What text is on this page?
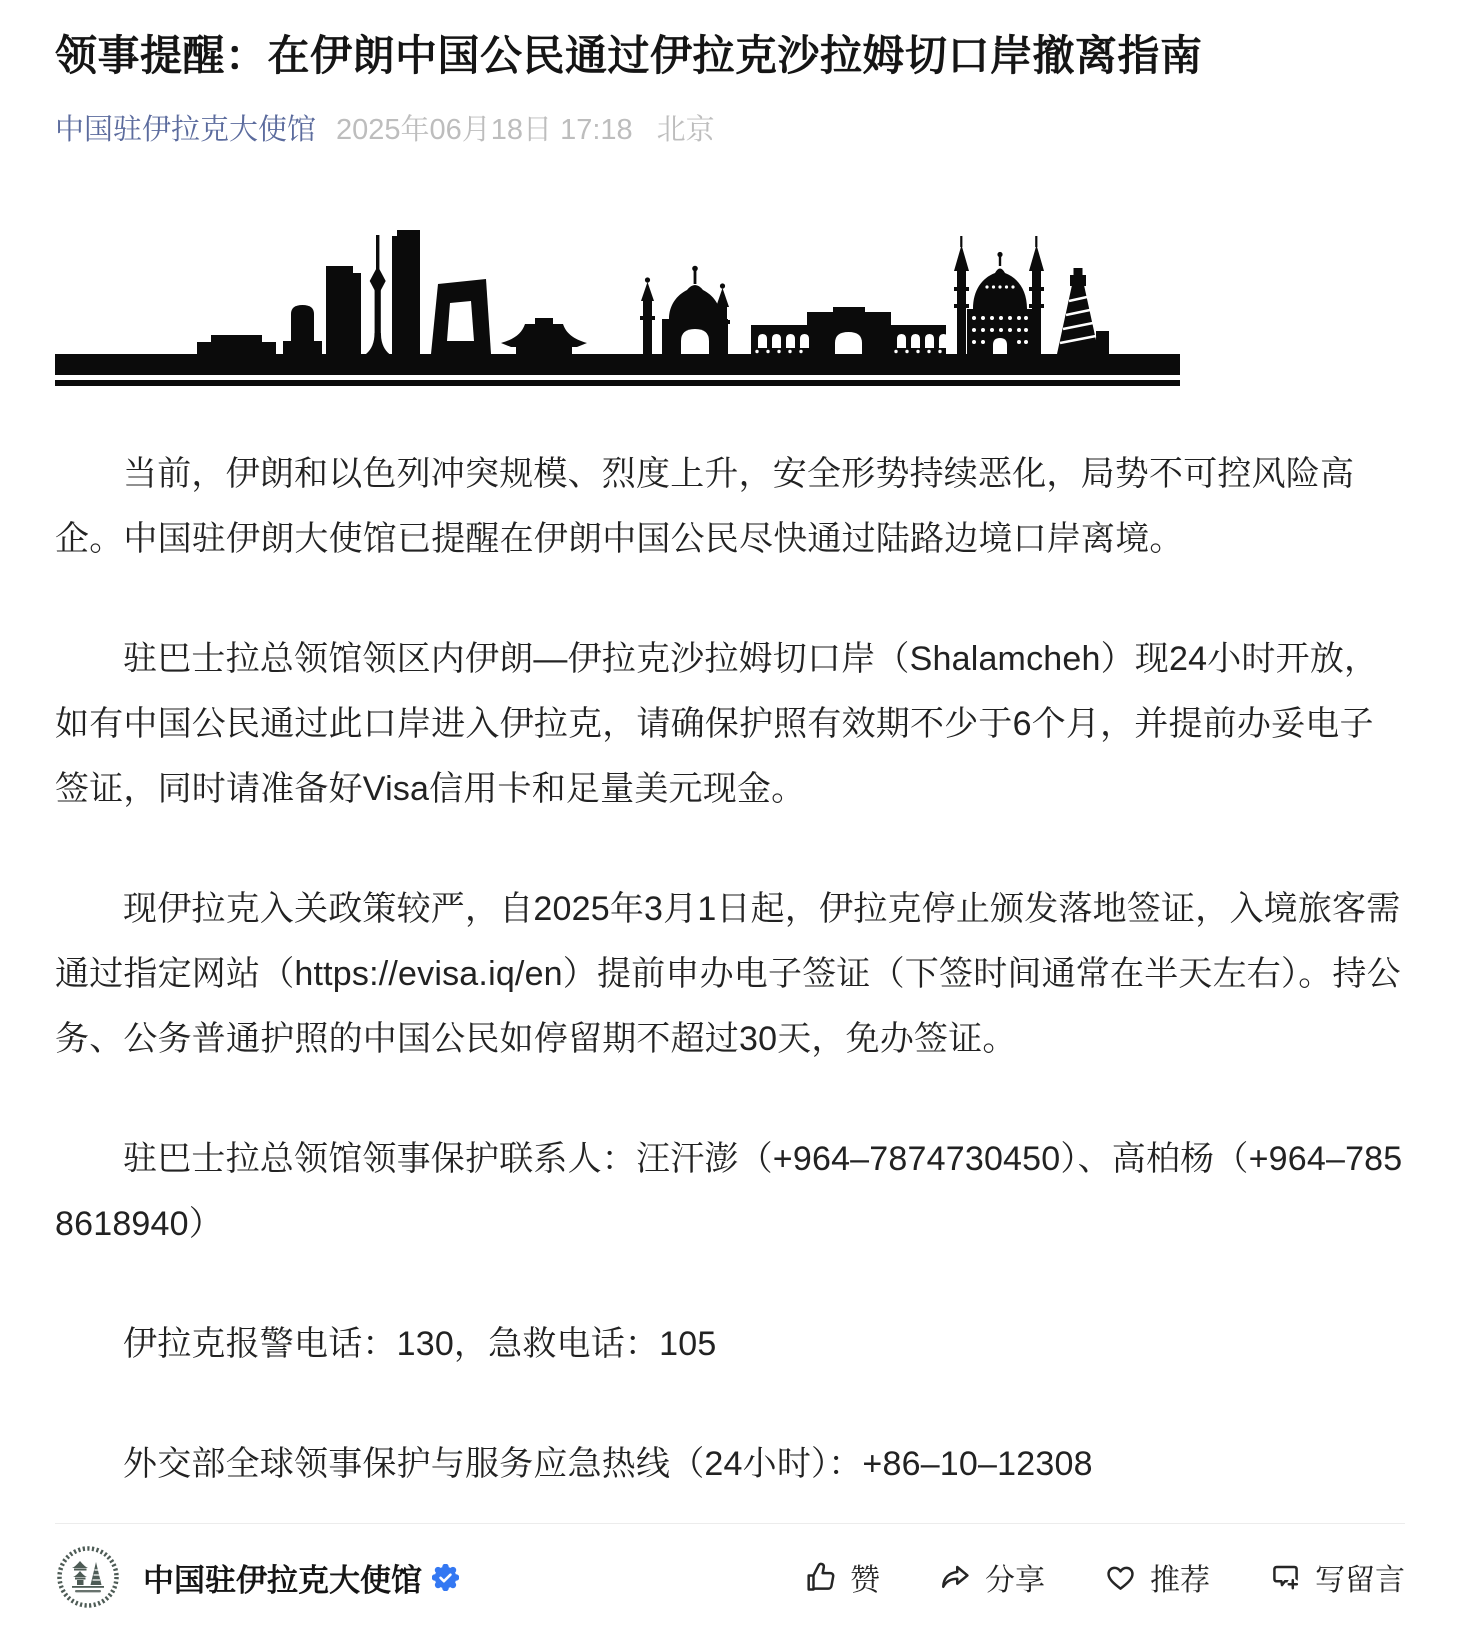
领事提醒：在伊朗中国公民通过伊拉克沙拉姆切口岸撤离指南
中国驻伊拉克大使馆 2025年06月18日 17:18 北京

当前，伊朗和以色列冲突规模、烈度上升，安全形势持续恶化，局势不可控风险高企。中国驻伊朗大使馆已提醒在伊朗中国公民尽快通过陆路边境口岸离境。

驻巴士拉总领馆领区内伊朗—伊拉克沙拉姆切口岸（Shalamcheh）现24小时开放，如有中国公民通过此口岸进入伊拉克，请确保护照有效期不少于6个月，并提前办妥电子签证，同时请准备好Visa信用卡和足量美元现金。

现伊拉克入关政策较严，自2025年3月1日起，伊拉克停止颁发落地签证，入境旅客需通过指定网站（https://evisa.iq/en）提前申办电子签证（下签时间通常在半天左右）。持公务、公务普通护照的中国公民如停留期不超过30天，免办签证。

驻巴士拉总领馆领事保护联系人：汪汗澎（+964–7874730450）、高柏杨（+964–7858618940）

伊拉克报警电话：130，急救电话：105

外交部全球领事保护与服务应急热线（24小时）：+86–10–12308

中国驻伊拉克大使馆	赞	分享	推荐	写留言
